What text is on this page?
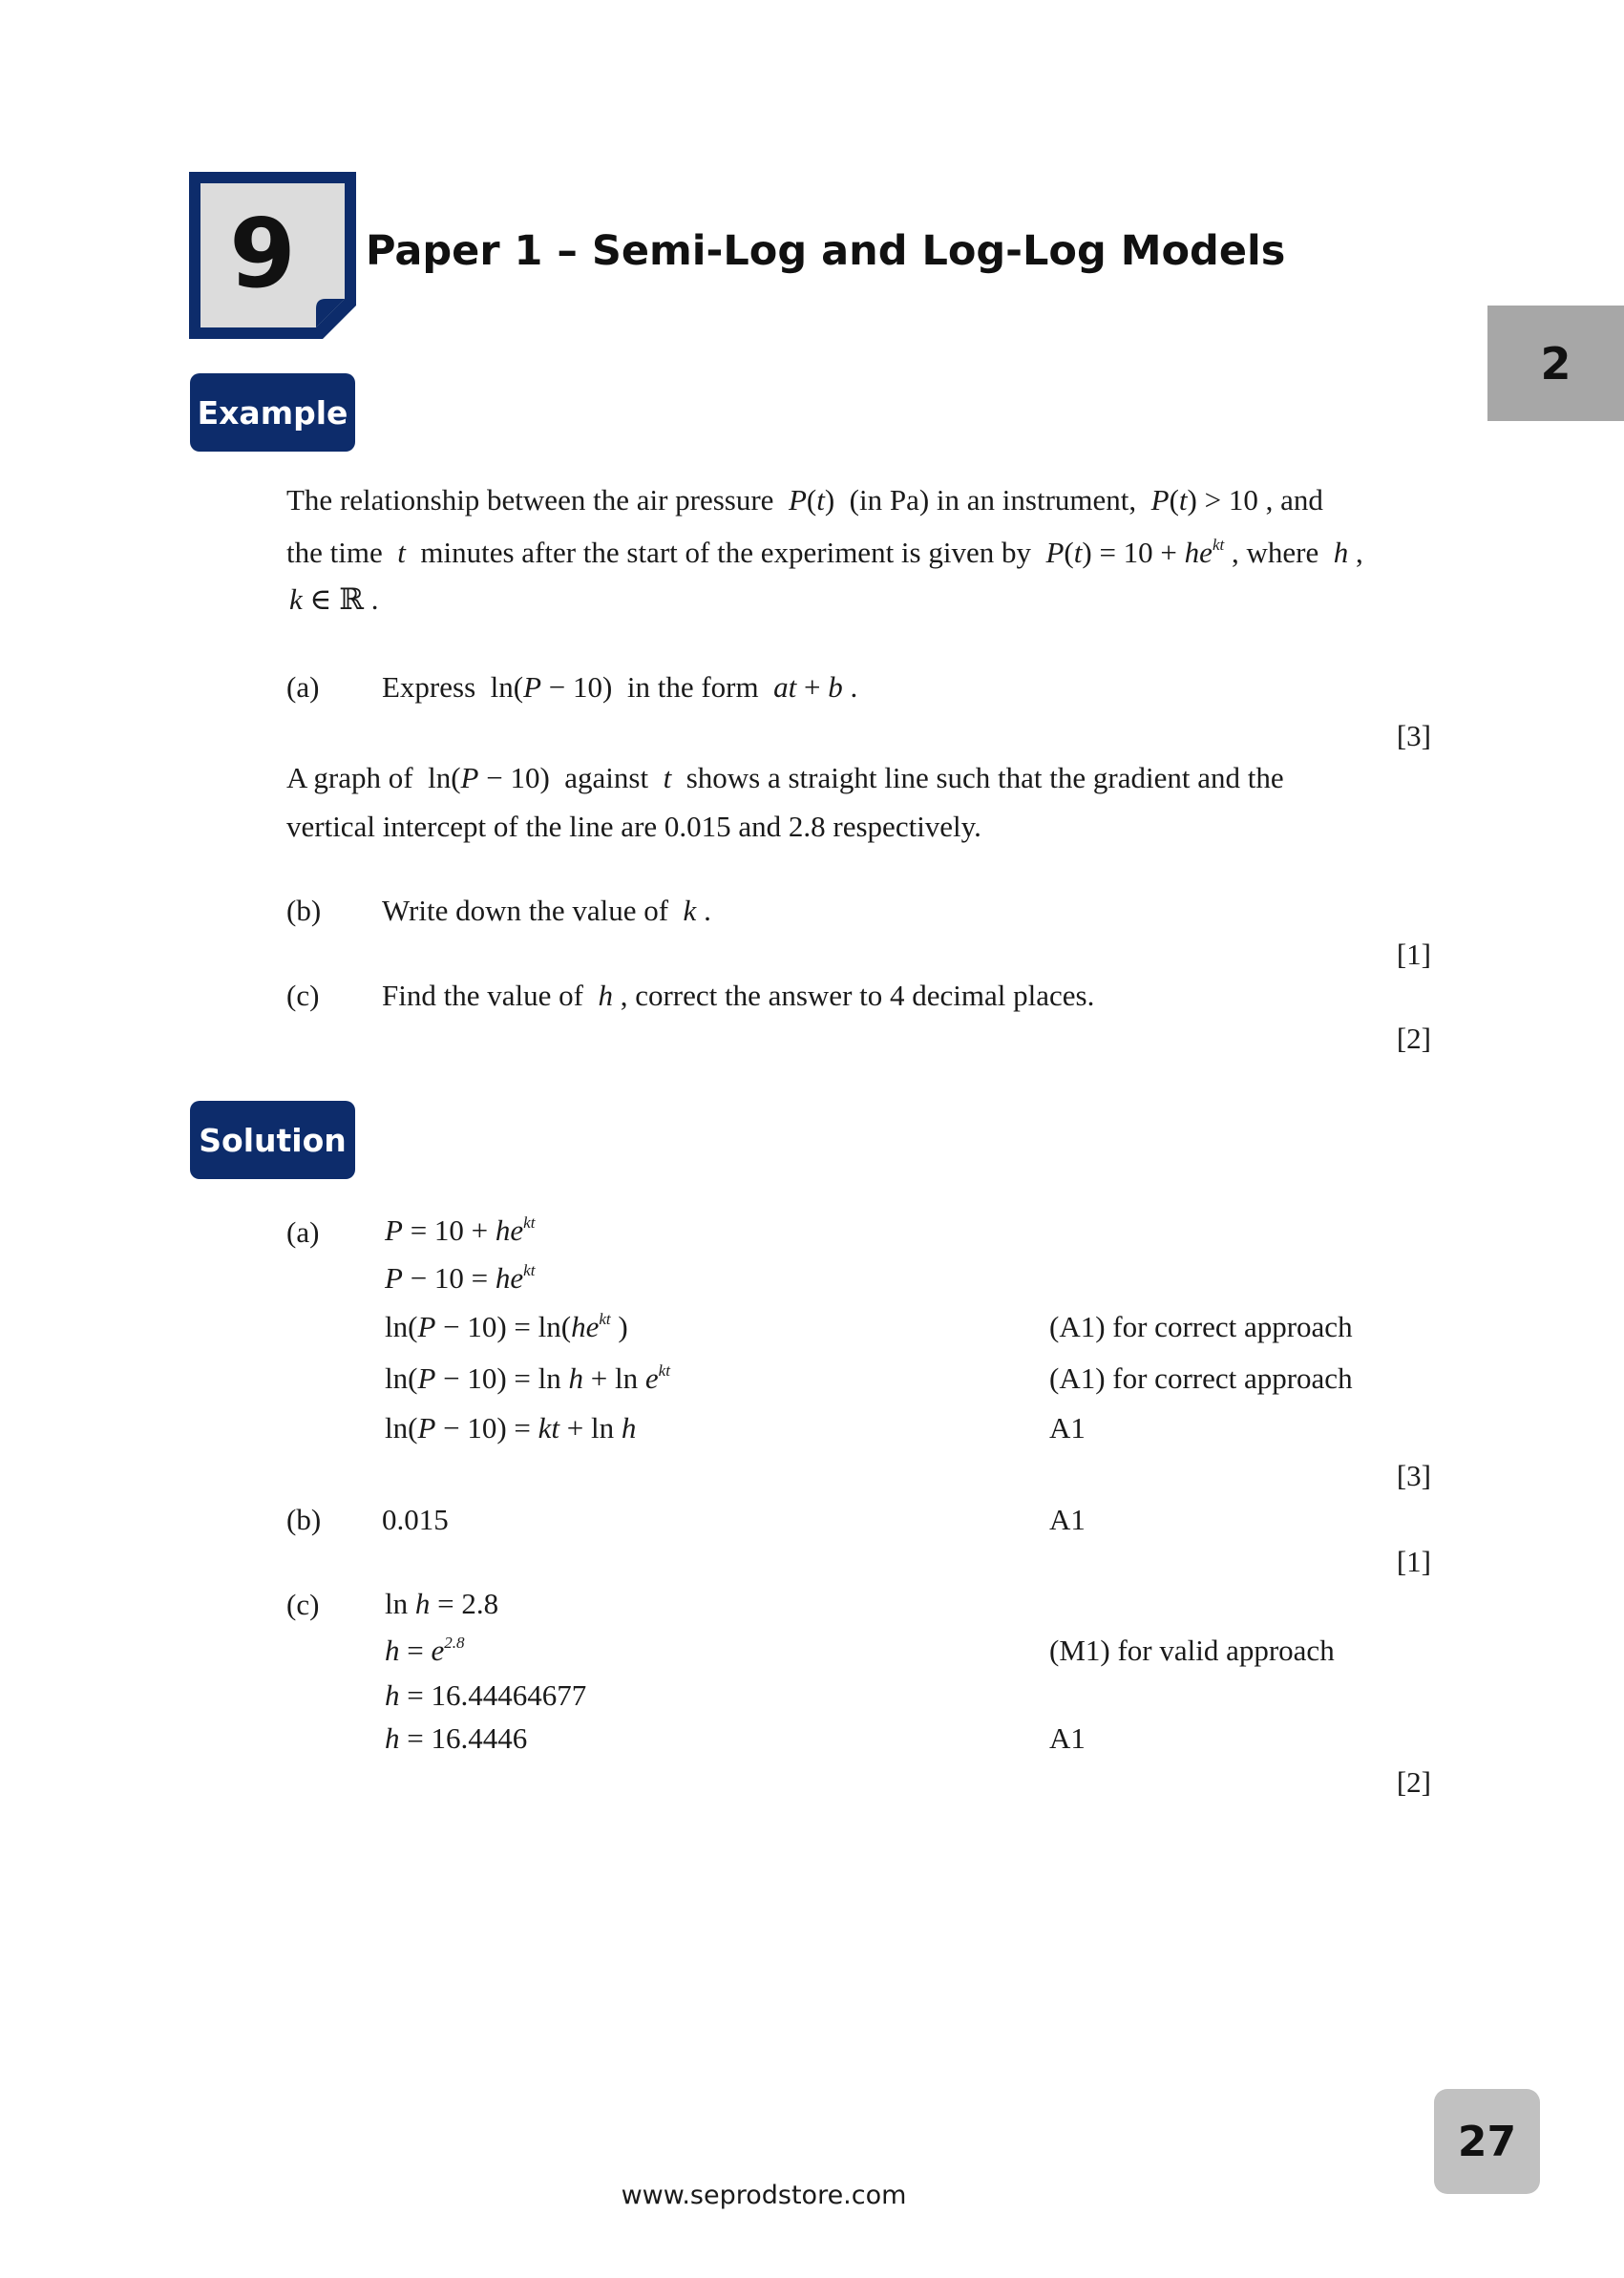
9	Paper 1 – Semi-Log and Log-Log Models
2
Example
The relationship between the air pressure  P(t)  (in Pa) in an instrument,  P(t) > 10 , and
the time  t  minutes after the start of the experiment is given by  $P(t) = 10 + he^{kt}$ , where  h ,
k ∈ ℝ .
(a) Express  ln(P − 10)  in the form  at + b .
[3]
A graph of  ln(P − 10)  against  t  shows a straight line such that the gradient and the
vertical intercept of the line are 0.015 and 2.8 respectively.
(b) Write down the value of  k .
[1]
(c) Find the value of  h , correct the answer to 4 decimal places.
[2]
Solution
(a) $P = 10 + he^{kt}$
$P - 10 = he^{kt}$
$\ln(P - 10) = \ln(he^{kt}$ )	(A1) for correct approach
$\ln(P - 10) = \ln h + \ln e^{kt}$	(A1) for correct approach
ln(P − 10) = kt + ln h	A1
[3]
(b) 0.015	A1
[1]
(c) ln h = 2.8
$h = e^{2.8}$	(M1) for valid approach
h = 16.44464677
h = 16.4446	A1
[2]
27
www.seprodstore.com
